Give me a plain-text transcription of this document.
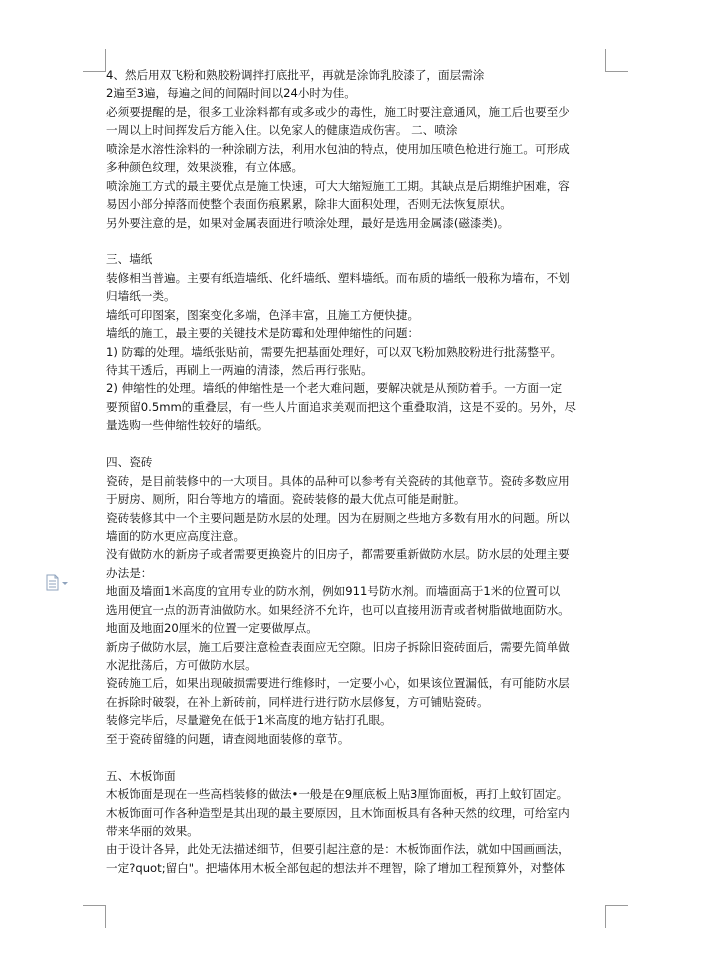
4、然后用双飞粉和熟胶粉调拌打底批平，再就是涂饰乳胶漆了，面层需涂
2遍至3遍，每遍之间的间隔时间以24小时为佳。
必须要提醒的是，很多工业涂料都有或多或少的毒性，施工时要注意通风，施工后也要至少
一周以上时间挥发后方能入住。以免家人的健康造成伤害。 二、喷涂
喷涂是水溶性涂料的一种涂刷方法，利用水包油的特点，使用加压喷色枪进行施工。可形成
多种颜色纹理，效果淡雅，有立体感。
喷涂施工方式的最主要优点是施工快速，可大大缩短施工工期。其缺点是后期维护困难，容
易因小部分掉落而使整个表面伤痕累累，除非大面积处理，否则无法恢复原状。
另外要注意的是，如果对金属表面进行喷涂处理，最好是选用金属漆(磁漆类)。
三、墙纸
装修相当普遍。主要有纸造墙纸、化纤墙纸、塑料墙纸。而布质的墙纸一般称为墙布，不划
归墙纸一类。
墙纸可印图案，图案变化多端，色泽丰富，且施工方便快捷。
墙纸的施工，最主要的关键技术是防霉和处理伸缩性的问题：
1) 防霉的处理。墙纸张贴前，需要先把基面处理好，可以双飞粉加熟胶粉进行批荡整平。
待其干透后，再刷上一两遍的清漆，然后再行张贴。
2) 伸缩性的处理。墙纸的伸缩性是一个老大难问题，要解决就是从预防着手。一方面一定
要预留0.5mm的重叠层，有一些人片面追求美观而把这个重叠取消，这是不妥的。另外，尽
量选购一些伸缩性较好的墙纸。
四、瓷砖
瓷砖，是目前装修中的一大项目。具体的品种可以参考有关瓷砖的其他章节。瓷砖多数应用
于厨房、厕所，阳台等地方的墙面。瓷砖装修的最大优点可能是耐脏。
瓷砖装修其中一个主要问题是防水层的处理。因为在厨厕之些地方多数有用水的问题。所以
墙面的防水更应高度注意。
没有做防水的新房子或者需要更换瓷片的旧房子，都需要重新做防水层。防水层的处理主要
办法是：
地面及墙面1米高度的宜用专业的防水剂，例如911号防水剂。而墙面高于1米的位置可以
选用便宜一点的沥青油做防水。如果经济不允许，也可以直接用沥青或者树脂做地面防水。
地面及地面20厘米的位置一定要做厚点。
新房子做防水层，施工后要注意检查表面应无空隙。旧房子拆除旧瓷砖面后，需要先简单做
水泥批荡后，方可做防水层。
瓷砖施工后，如果出现破损需要进行维修时，一定要小心，如果该位置漏低，有可能防水层
在拆除时破裂，在补上新砖前，同样进行进行防水层修复，方可铺贴瓷砖。
装修完毕后，尽量避免在低于1米高度的地方钻打孔眼。
至于瓷砖留缝的问题，请查阅地面装修的章节。
五、木板饰面
木板饰面是现在一些高档装修的做法•一般是在9厘底板上贴3厘饰面板，再打上蚊钉固定。
木板饰面可作各种造型是其出现的最主要原因，且木饰面板具有各种天然的纹理，可给室内
带来华丽的效果。
由于设计各异，此处无法描述细节，但要引起注意的是：木板饰面作法，就如中国画画法，
一定?quot;留白"。把墙体用木板全部包起的想法并不理智，除了增加工程预算外，对整体
